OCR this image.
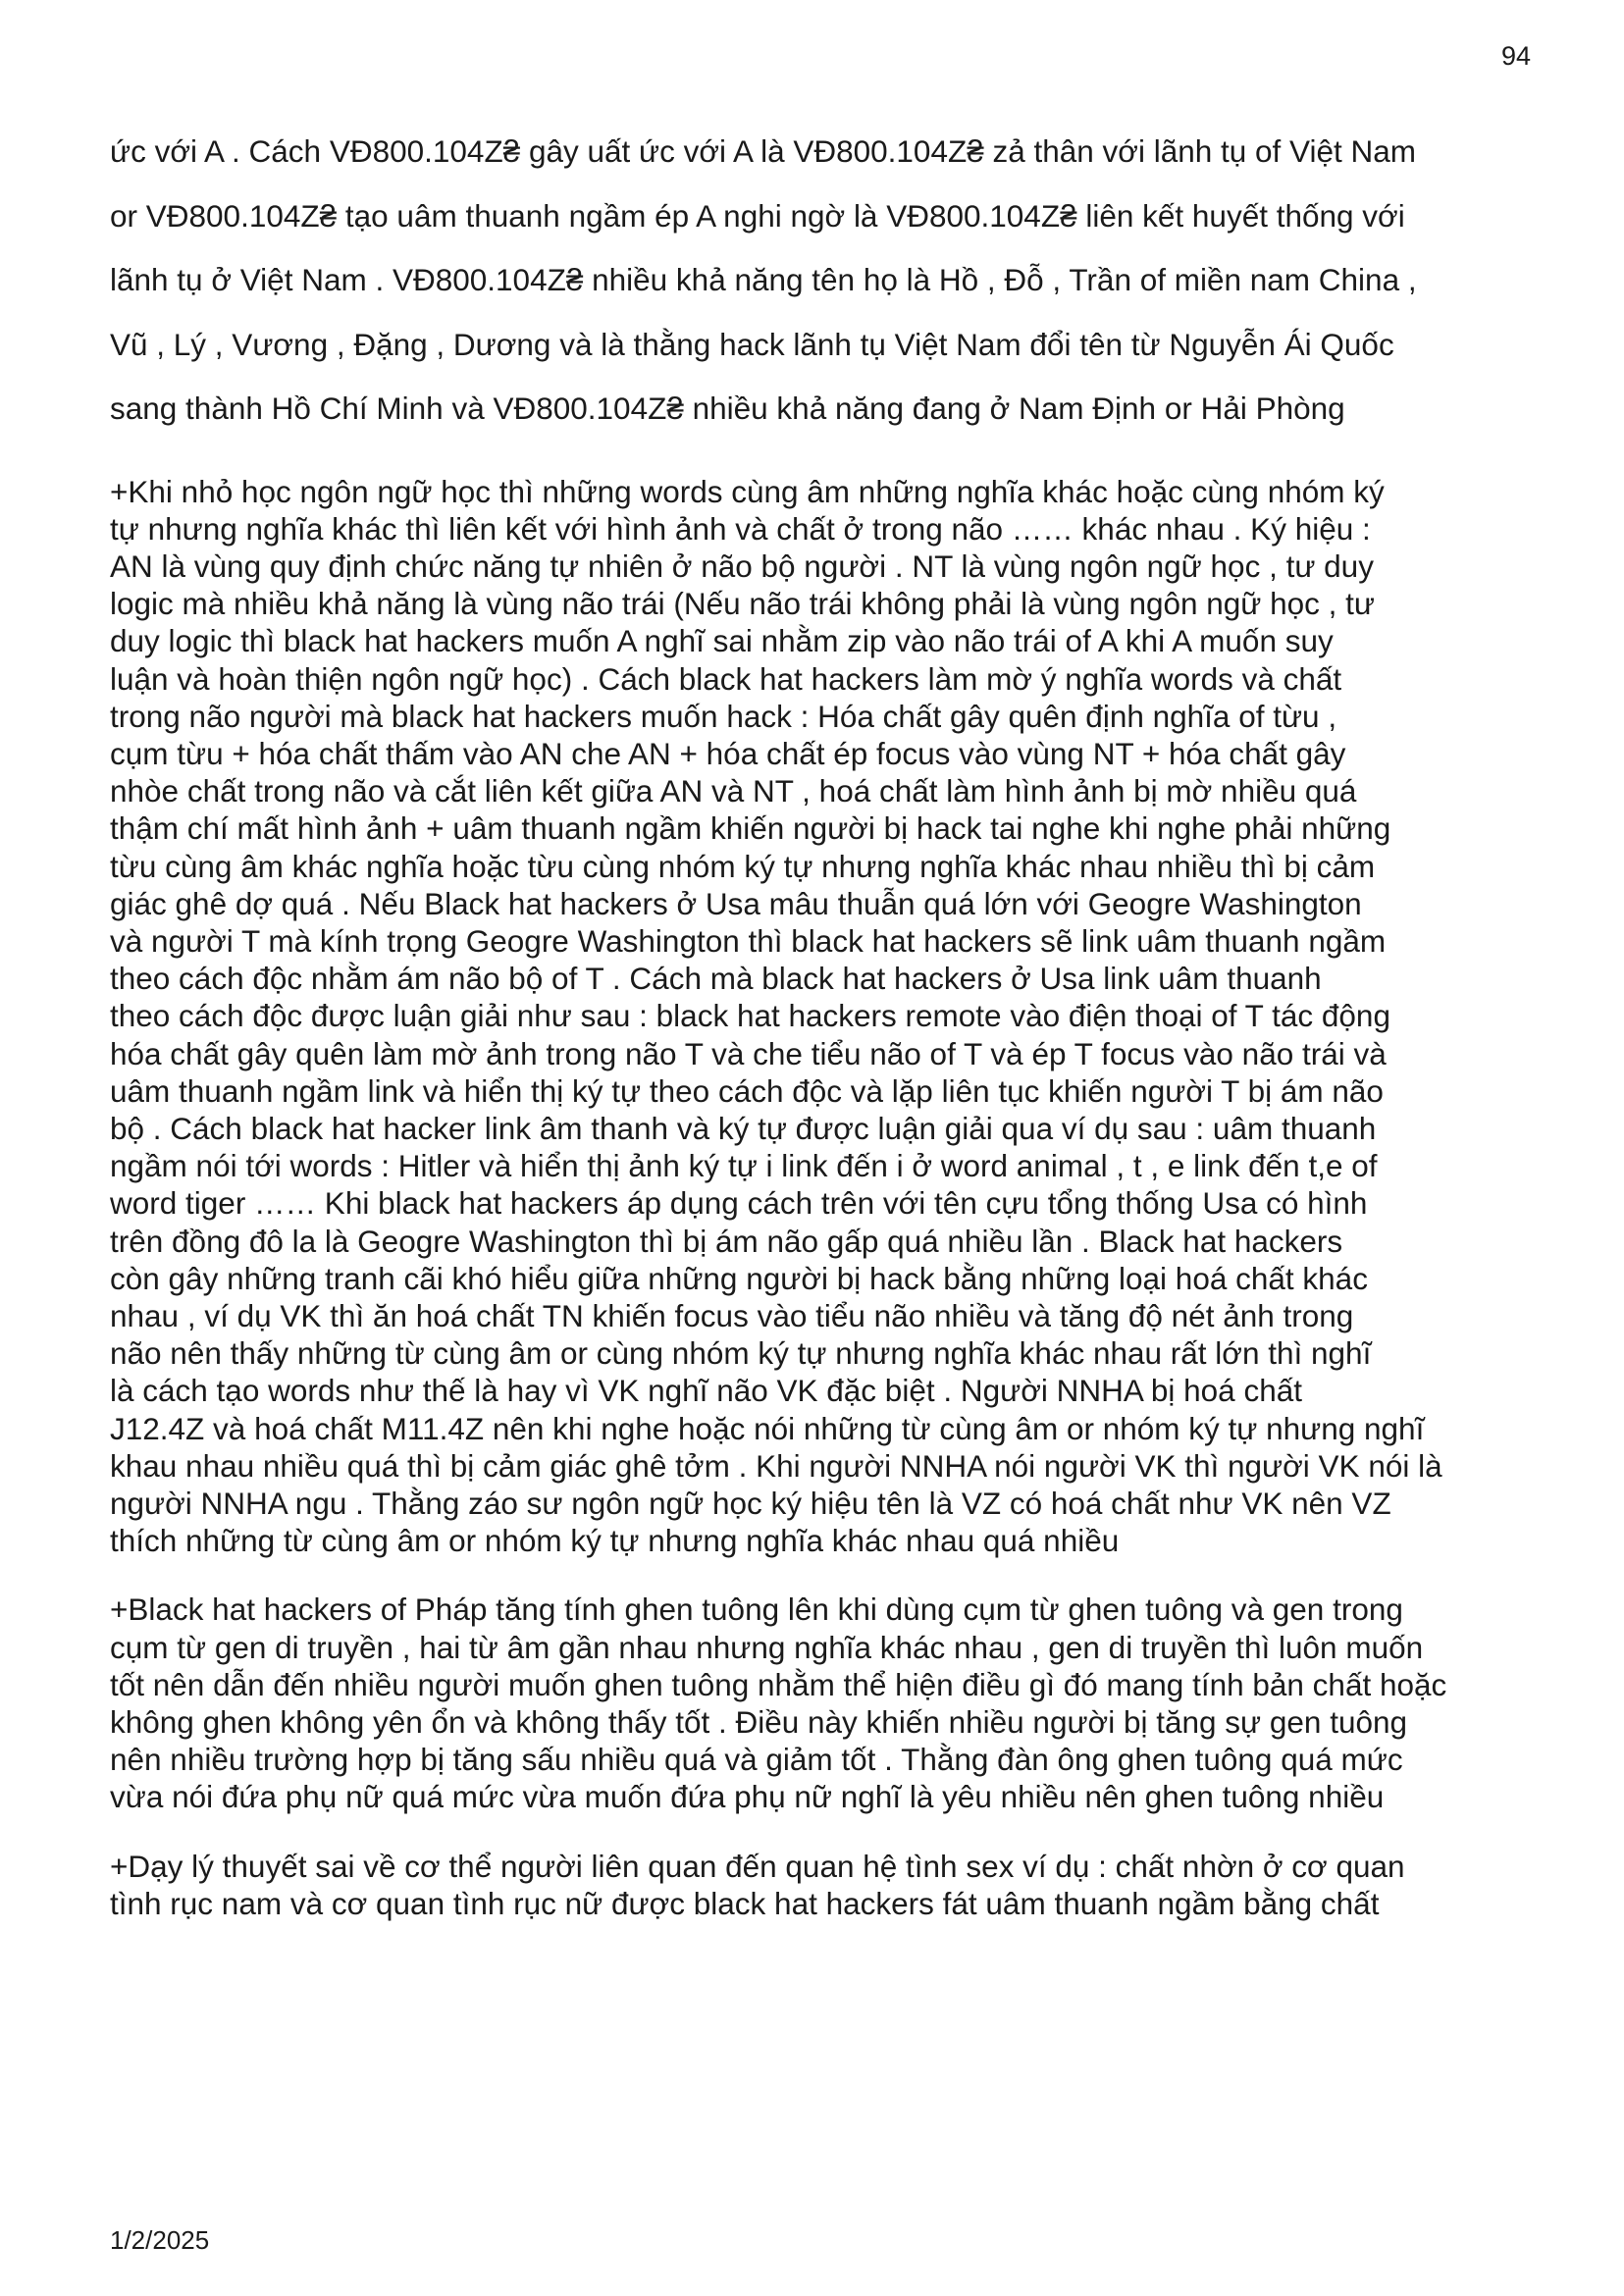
94

ức với A . Cách VĐ800.104Z₴ gây uất ức với A là VĐ800.104Z₴ zả thân với lãnh tụ of Việt Nam

or VĐ800.104Z₴ tạo uâm thuanh ngầm ép A nghi ngờ là VĐ800.104Z₴ liên kết huyết thống với

lãnh tụ ở Việt Nam . VĐ800.104Z₴ nhiều khả năng tên họ là Hồ , Đỗ , Trần of miền nam China ,

Vũ , Lý , Vương , Đặng , Dương và là thằng hack lãnh tụ Việt Nam đổi tên từ Nguyễn Ái Quốc

sang thành Hồ Chí Minh và VĐ800.104Z₴ nhiều khả năng đang ở Nam Định or Hải Phòng

+Khi nhỏ học ngôn ngữ học thì những words cùng âm những nghĩa khác hoặc cùng nhóm ký

tự nhưng nghĩa khác thì liên kết với hình ảnh và chất ở trong não …… khác nhau . Ký hiệu :

AN là vùng quy định chức năng tự nhiên ở não bộ người . NT là vùng ngôn ngữ học , tư duy

logic mà nhiều khả năng là vùng não trái (Nếu não trái không phải là vùng ngôn ngữ học , tư

duy logic thì black hat hackers muốn A nghĩ sai nhằm zip vào não trái of A khi A muốn suy

luận và hoàn thiện ngôn ngữ học) . Cách black hat hackers làm mờ ý nghĩa words và chất

trong não người mà black hat hackers muốn hack : Hóa chất gây quên định nghĩa of từu ,

cụm từu + hóa chất thấm vào AN che AN + hóa chất ép focus vào vùng NT + hóa chất gây

nhòe chất trong não và cắt liên kết giữa AN và NT , hoá chất làm hình ảnh bị mờ nhiều quá

thậm chí mất hình ảnh + uâm thuanh ngầm khiến người bị hack tai nghe khi nghe phải những

từu cùng âm khác nghĩa hoặc từu cùng nhóm ký tự nhưng nghĩa khác nhau nhiều thì bị cảm

giác ghê dợ quá . Nếu Black hat hackers ở Usa mâu thuẫn quá lớn với Geogre Washington

và người T mà kính trọng Geogre Washington thì black hat hackers sẽ link uâm thuanh ngầm

theo cách độc nhằm ám não bộ of T . Cách mà black hat hackers ở Usa link uâm thuanh

theo cách độc được luận giải như sau : black hat hackers remote vào điện thoại of T tác động

hóa chất gây quên làm mờ ảnh trong não T và che tiểu não of T và ép T focus vào não trái và

uâm thuanh ngầm link và hiển thị ký tự theo cách độc và lặp liên tục khiến người T bị ám não

bộ . Cách black hat hacker link âm thanh và ký tự được luận giải qua ví dụ sau : uâm thuanh

ngầm nói tới words : Hitler và hiển thị ảnh ký tự i link đến i ở word animal , t , e link đến t,e of

word tiger …… Khi black hat hackers áp dụng cách trên với tên cựu tổng thống Usa có hình

trên đồng đô la là Geogre Washington thì bị ám não gấp quá nhiều lần . Black hat hackers

còn gây những tranh cãi khó hiểu giữa những người bị hack bằng những loại hoá chất khác

nhau , ví dụ VK thì ăn hoá chất TN khiến focus vào tiểu não nhiều và tăng độ nét ảnh trong

não nên thấy những từ cùng âm or cùng nhóm ký tự nhưng nghĩa khác nhau rất lớn thì nghĩ

là cách tạo words như thế là hay vì VK nghĩ não VK đặc biệt . Người NNHA bị hoá chất

J12.4Z và hoá chất M11.4Z nên khi nghe hoặc nói những từ cùng âm or nhóm ký tự nhưng nghĩ

khau nhau nhiều quá thì bị cảm giác ghê tởm . Khi người NNHA nói người VK thì người VK nói là

người NNHA ngu . Thằng záo sư ngôn ngữ học ký hiệu tên là VZ có hoá chất như VK nên VZ

thích những từ cùng âm or nhóm ký tự nhưng nghĩa khác nhau quá nhiều

+Black hat hackers of Pháp tăng tính ghen tuông lên khi dùng cụm từ ghen tuông và gen trong

cụm từ gen di truyền , hai từ âm gần nhau nhưng nghĩa khác nhau , gen di truyền thì luôn muốn

tốt nên dẫn đến nhiều người muốn ghen tuông nhằm thể hiện điều gì đó mang tính bản chất hoặc

không ghen không yên ổn và không thấy tốt . Điều này khiến nhiều người bị tăng sự gen tuông

nên nhiều trường hợp bị tăng sấu nhiều quá và giảm tốt . Thằng đàn ông ghen tuông quá mức

vừa nói đứa phụ nữ quá mức vừa muốn đứa phụ nữ nghĩ là yêu nhiều nên ghen tuông nhiều

+Dạy lý thuyết sai về cơ thể người liên quan đến quan hệ tình sex ví dụ : chất nhờn ở cơ quan

tình rục nam và cơ quan tình rục nữ được black hat hackers fát uâm thuanh ngầm bằng chất

1/2/2025
